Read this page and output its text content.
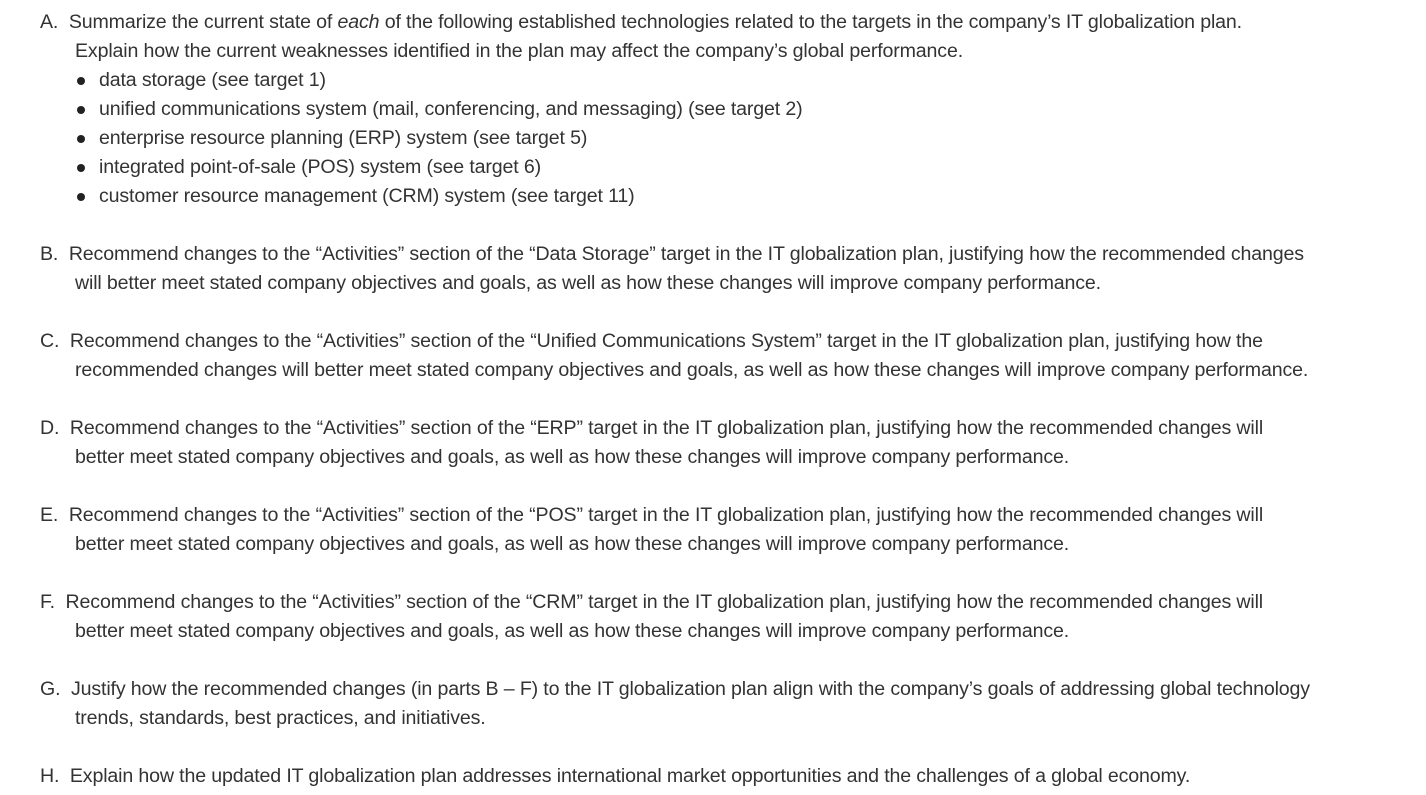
A. Summarize the current state of each of the following established technologies related to the targets in the company’s IT globalization plan.
Explain how the current weaknesses identified in the plan may affect the company’s global performance.
data storage (see target 1)
unified communications system (mail, conferencing, and messaging) (see target 2)
enterprise resource planning (ERP) system (see target 5)
integrated point-of-sale (POS) system (see target 6)
customer resource management (CRM) system (see target 11)
B. Recommend changes to the “Activities” section of the “Data Storage” target in the IT globalization plan, justifying how the recommended changes
will better meet stated company objectives and goals, as well as how these changes will improve company performance.
C. Recommend changes to the “Activities” section of the “Unified Communications System” target in the IT globalization plan, justifying how the
recommended changes will better meet stated company objectives and goals, as well as how these changes will improve company performance.
D. Recommend changes to the “Activities” section of the “ERP” target in the IT globalization plan, justifying how the recommended changes will
better meet stated company objectives and goals, as well as how these changes will improve company performance.
E. Recommend changes to the “Activities” section of the “POS” target in the IT globalization plan, justifying how the recommended changes will
better meet stated company objectives and goals, as well as how these changes will improve company performance.
F. Recommend changes to the “Activities” section of the “CRM” target in the IT globalization plan, justifying how the recommended changes will
better meet stated company objectives and goals, as well as how these changes will improve company performance.
G. Justify how the recommended changes (in parts B – F) to the IT globalization plan align with the company’s goals of addressing global technology
trends, standards, best practices, and initiatives.
H. Explain how the updated IT globalization plan addresses international market opportunities and the challenges of a global economy.
